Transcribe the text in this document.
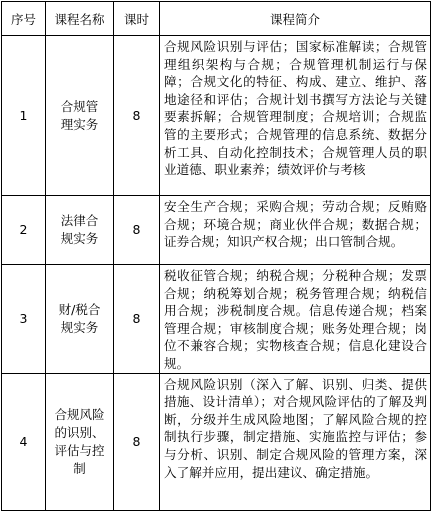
序号	课程名称	课时	课程简介
1	合规管理实务	8	合规风险识别与评估；国家标准解读；合规管理组织架构与合规；合规管理机制运行与保障；合规文化的特征、构成、建立、维护、落地途径和评估；合规计划书撰写方法论与关键要素拆解；合规管理制度；合规培训；合规监管的主要形式；合规管理的信息系统、数据分析工具、自动化控制技术；合规管理人员的职业道德、职业素养；绩效评价与考核
2	法律合规实务	8	安全生产合规；采购合规；劳动合规；反贿赂合规；环境合规；商业伙伴合规；数据合规；证券合规；知识产权合规；出口管制合规。
3	财/税合规实务	8	税收征管合规；纳税合规；分税种合规；发票合规；纳税筹划合规；税务管理合规；纳税信用合规；涉税制度合规。信息传递合规；档案管理合规；审核制度合规；账务处理合规；岗位不兼容合规；实物核查合规；信息化建设合规。
4	合规风险的识别、评估与控制	8	合规风险识别（深入了解、识别、归类、提供措施、设计清单）；对合规风险评估的了解及判断，分级并生成风险地图；了解风险合规的控制执行步骤，制定措施、实施监控与评估；参与分析、识别、制定合规风险的管理方案，深入了解并应用，提出建议、确定措施。
